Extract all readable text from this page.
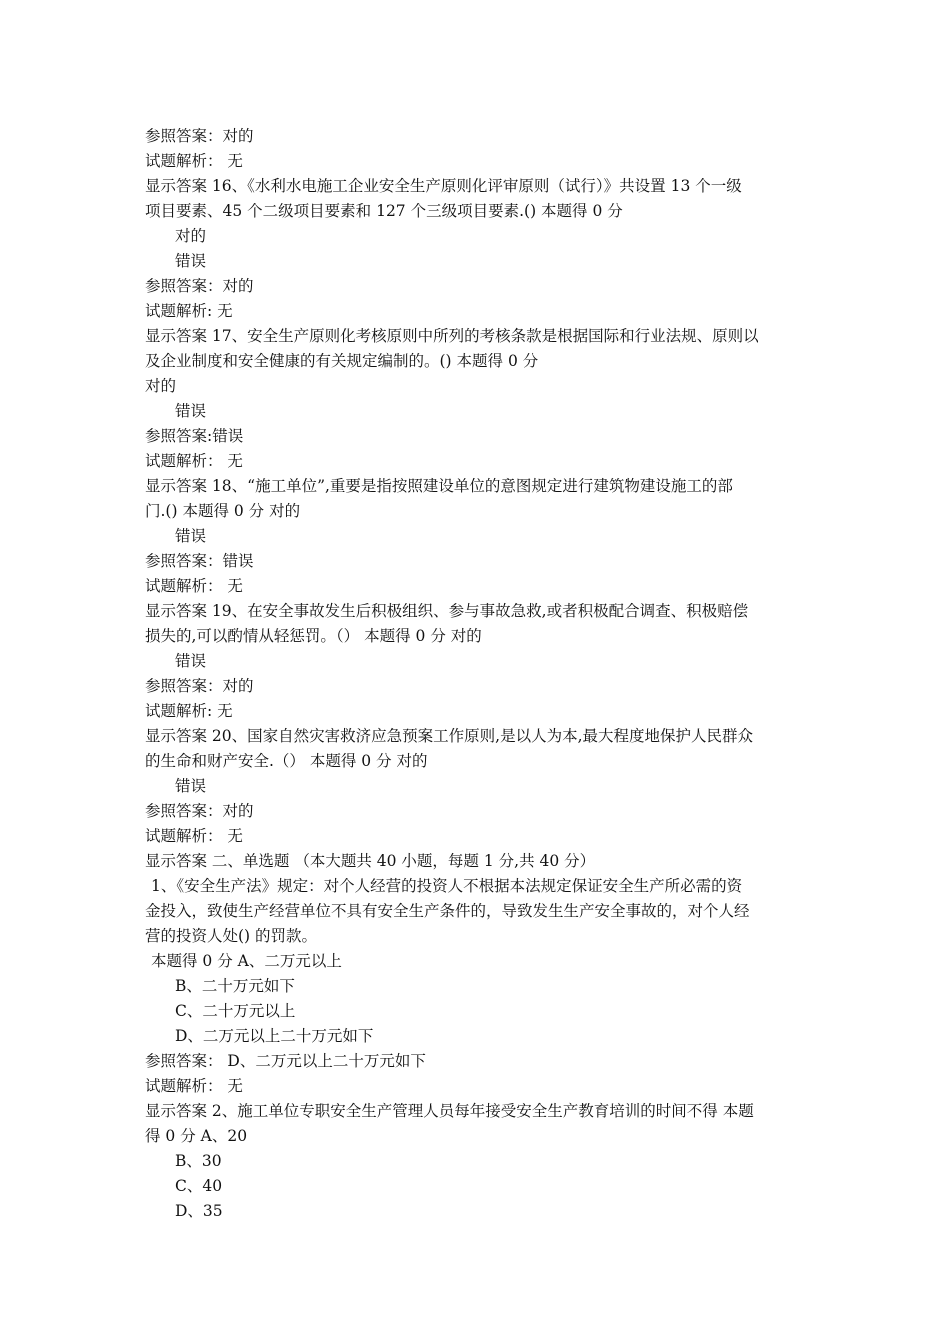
参照答案：对的
试题解析： 无
显示答案 16、《水利水电施工企业安全生产原则化评审原则（试行）》共设置 13 个一级
项目要素、45 个二级项目要素和 127 个三级项目要素.() 本题得 0 分
对的
错误
参照答案：对的
试题解析: 无
显示答案 17、安全生产原则化考核原则中所列的考核条款是根据国际和行业法规、原则以
及企业制度和安全健康的有关规定编制的。() 本题得 0 分
对的
错误
参照答案:错误
试题解析： 无
显示答案 18、“施工单位”,重要是指按照建设单位的意图规定进行建筑物建设施工的部
门.() 本题得 0 分 对的
错误
参照答案：错误
试题解析： 无
显示答案 19、在安全事故发生后积极组织、参与事故急救,或者积极配合调查、积极赔偿
损失的,可以酌情从轻惩罚。（） 本题得 0 分 对的
错误
参照答案：对的
试题解析: 无
显示答案 20、国家自然灾害救济应急预案工作原则,是以人为本,最大程度地保护人民群众
的生命和财产安全.（） 本题得 0 分 对的
错误
参照答案：对的
试题解析： 无
显示答案 二、单选题 （本大题共 40 小题，每题 1 分,共 40 分）
1、《安全生产法》规定：对个人经营的投资人不根据本法规定保证安全生产所必需的资
金投入，致使生产经营单位不具有安全生产条件的，导致发生生产安全事故的，对个人经
营的投资人处() 的罚款。
本题得 0 分 A、二万元以上
B、二十万元如下
C、二十万元以上
D、二万元以上二十万元如下
参照答案： D、二万元以上二十万元如下
试题解析： 无
显示答案 2、施工单位专职安全生产管理人员每年接受安全生产教育培训的时间不得 本题
得 0 分 A、20
B、30
C、40
D、35
